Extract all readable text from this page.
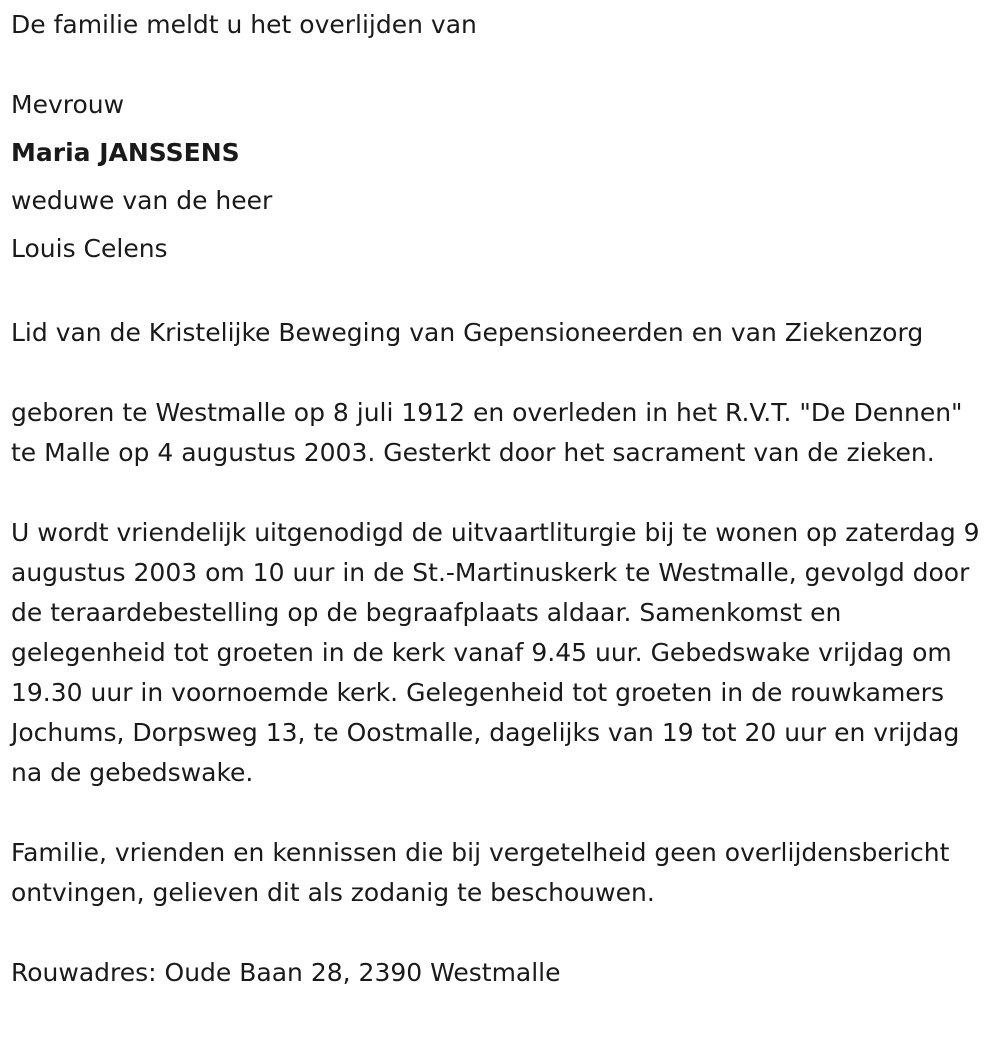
De familie meldt u het overlijden van

Mevrouw

Maria JANSSENS

weduwe van de heer

Louis Celens

Lid van de Kristelijke Beweging van Gepensioneerden en van Ziekenzorg

geboren te Westmalle op 8 juli 1912 en overleden in het R.V.T. "De Dennen" te Malle op 4 augustus 2003. Gesterkt door het sacrament van de zieken.

U wordt vriendelijk uitgenodigd de uitvaartliturgie bij te wonen op zaterdag 9 augustus 2003 om 10 uur in de St.-Martinuskerk te Westmalle, gevolgd door de teraardebestelling op de begraafplaats aldaar. Samenkomst en gelegenheid tot groeten in de kerk vanaf 9.45 uur. Gebedswake vrijdag om 19.30 uur in voornoemde kerk. Gelegenheid tot groeten in de rouwkamers Jochums, Dorpsweg 13, te Oostmalle, dagelijks van 19 tot 20 uur en vrijdag na de gebedswake.

Familie, vrienden en kennissen die bij vergetelheid geen overlijdensbericht ontvingen, gelieven dit als zodanig te beschouwen.

Rouwadres: Oude Baan 28, 2390 Westmalle
